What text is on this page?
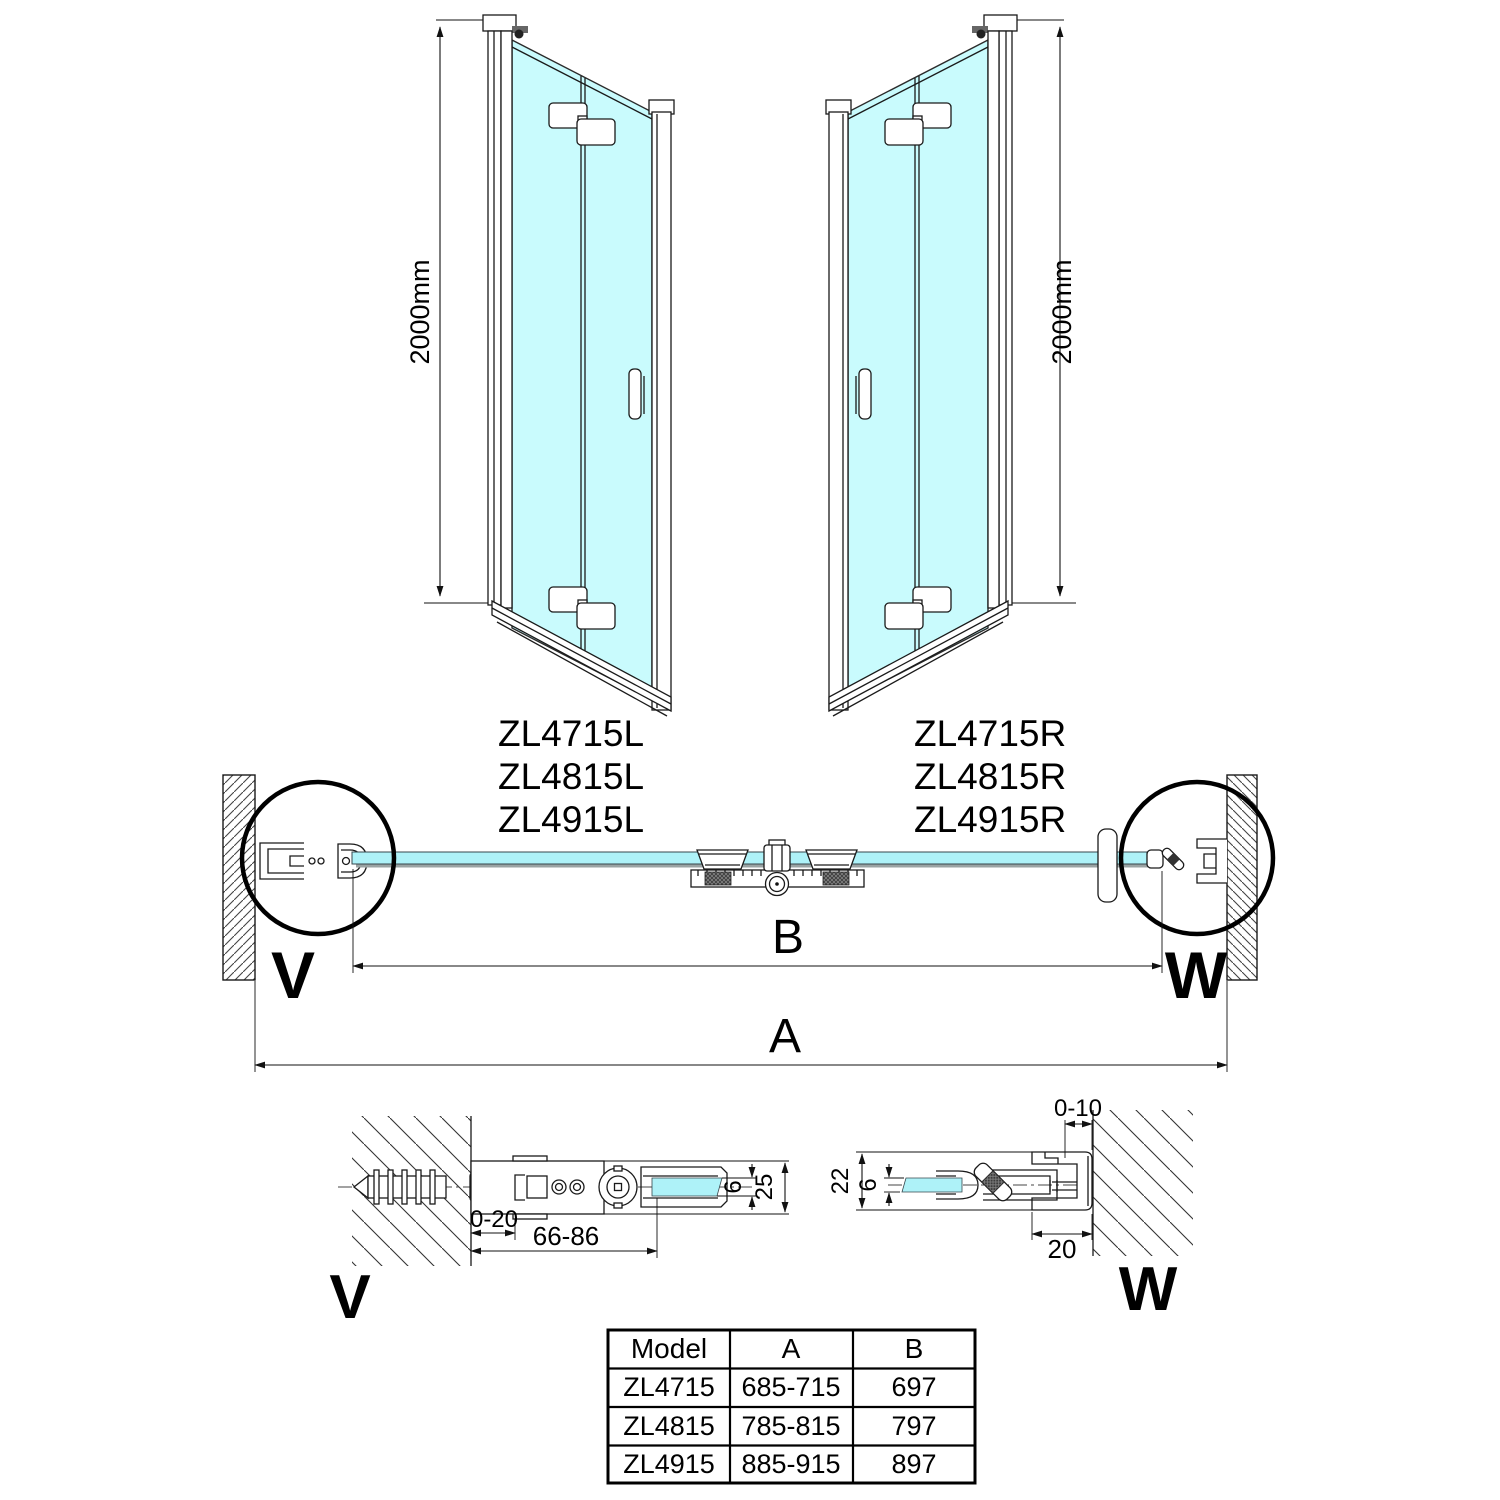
2000mm	2000mm
ZL4715L
ZL4815L
ZL4915L
ZL4715R
ZL4815R
ZL4915R
V	W
B
A
6 25
0-20
66-86
V
0-10
22 6
20
W
Model	A	B
ZL4715 685-715 697
ZL4815 785-815 797
ZL4915 885-915 897
